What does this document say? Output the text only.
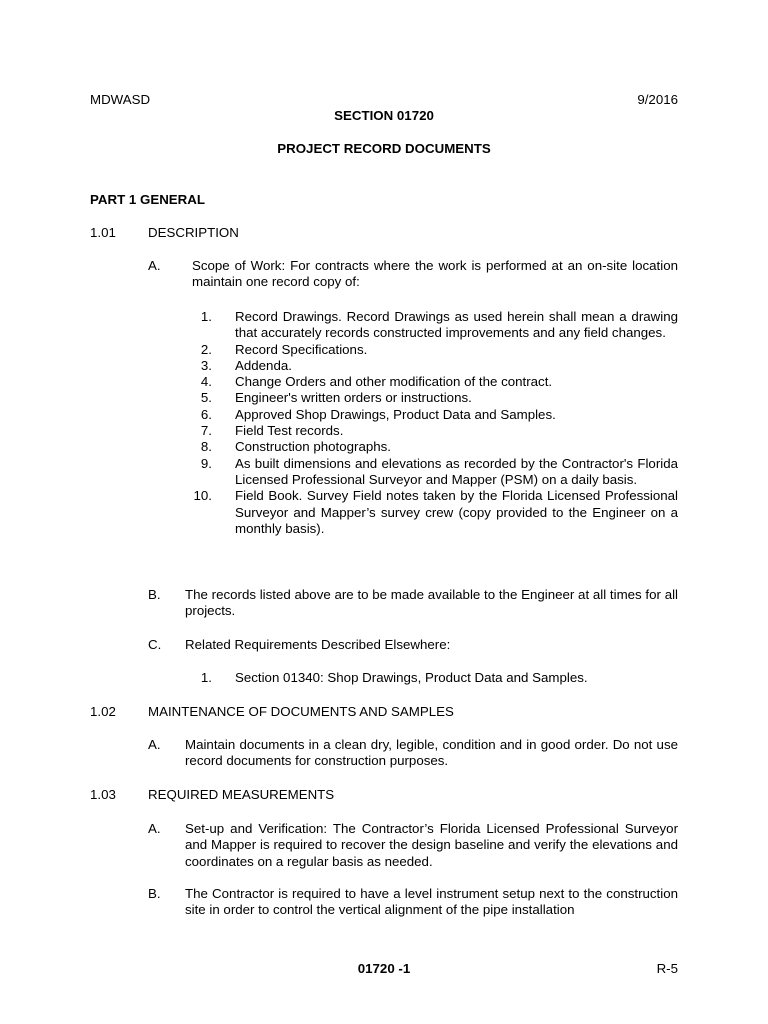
MDWASD	9/2016
SECTION 01720
PROJECT RECORD DOCUMENTS
PART 1 GENERAL
1.01 DESCRIPTION
A. Scope of Work: For contracts where the work is performed at an on-site location maintain one record copy of:
1. Record Drawings. Record Drawings as used herein shall mean a drawing that accurately records constructed improvements and any field changes.
2. Record Specifications.
3. Addenda.
4. Change Orders and other modification of the contract.
5. Engineer's written orders or instructions.
6. Approved Shop Drawings, Product Data and Samples.
7. Field Test records.
8. Construction photographs.
9. As built dimensions and elevations as recorded by the Contractor's Florida Licensed Professional Surveyor and Mapper (PSM) on a daily basis.
10. Field Book. Survey Field notes taken by the Florida Licensed Professional Surveyor and Mapper’s survey crew (copy provided to the Engineer on a monthly basis).
B. The records listed above are to be made available to the Engineer at all times for all projects.
C. Related Requirements Described Elsewhere:
1. Section 01340: Shop Drawings, Product Data and Samples.
1.02 MAINTENANCE OF DOCUMENTS AND SAMPLES
A. Maintain documents in a clean dry, legible, condition and in good order. Do not use record documents for construction purposes.
1.03 REQUIRED MEASUREMENTS
A. Set-up and Verification: The Contractor’s Florida Licensed Professional Surveyor and Mapper is required to recover the design baseline and verify the elevations and coordinates on a regular basis as needed.
B. The Contractor is required to have a level instrument setup next to the construction site in order to control the vertical alignment of the pipe installation
01720 -1	R-5
